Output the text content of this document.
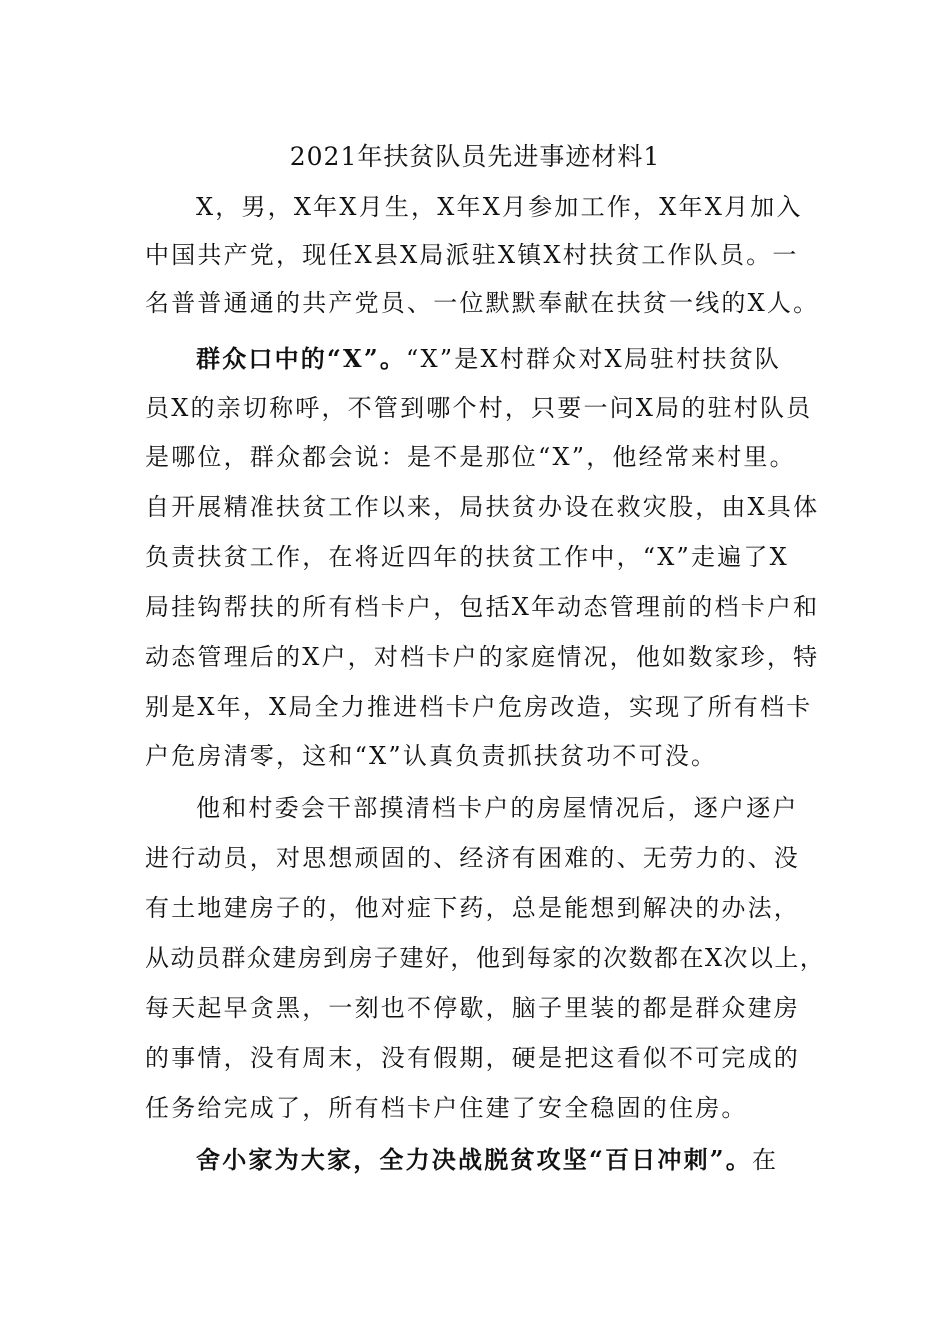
2021年扶贫队员先进事迹材料1
X，男，X年X月生，X年X月参加工作，X年X月加入
中国共产党，现任X县X局派驻X镇X村扶贫工作队员。一
名普普通通的共产党员、一位默默奉献在扶贫一线的X人。
群众口中的“X”。“X”是X村群众对X局驻村扶贫队
员X的亲切称呼，不管到哪个村，只要一问X局的驻村队员
是哪位，群众都会说：是不是那位“X”，他经常来村里。
自开展精准扶贫工作以来，局扶贫办设在救灾股，由X具体
负责扶贫工作，在将近四年的扶贫工作中，“X”走遍了X
局挂钩帮扶的所有档卡户，包括X年动态管理前的档卡户和
动态管理后的X户，对档卡户的家庭情况，他如数家珍，特
别是X年，X局全力推进档卡户危房改造，实现了所有档卡
户危房清零，这和“X”认真负责抓扶贫功不可没。
他和村委会干部摸清档卡户的房屋情况后，逐户逐户
进行动员，对思想顽固的、经济有困难的、无劳力的、没
有土地建房子的，他对症下药，总是能想到解决的办法，
从动员群众建房到房子建好，他到每家的次数都在X次以上，
每天起早贪黑，一刻也不停歇，脑子里装的都是群众建房
的事情，没有周末，没有假期，硬是把这看似不可完成的
任务给完成了，所有档卡户住建了安全稳固的住房。
舍小家为大家，全力决战脱贫攻坚“百日冲刺”。在
